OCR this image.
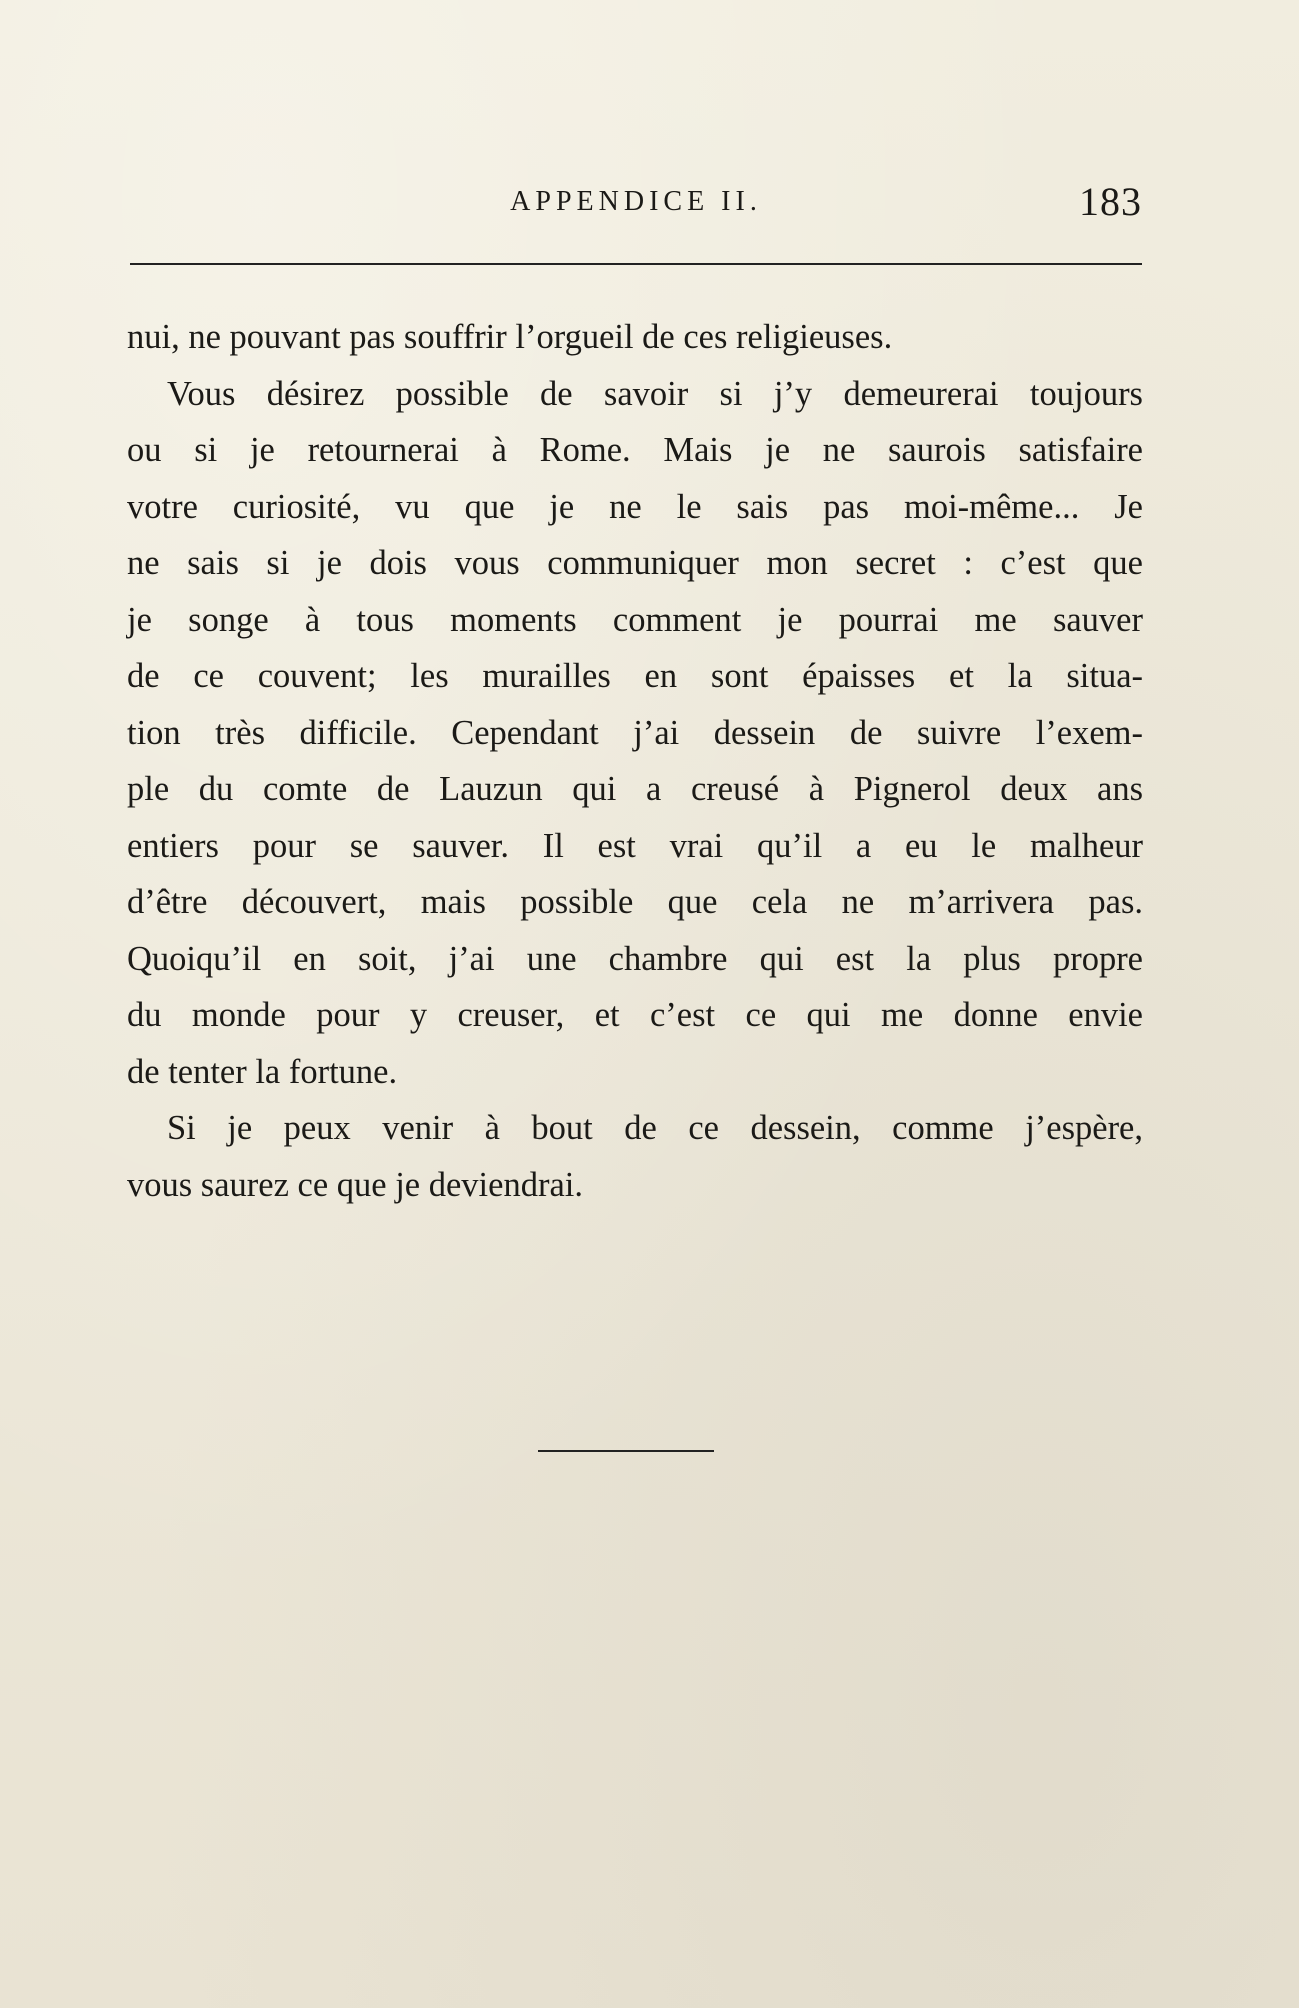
APPENDICE II.	183

nui, ne pouvant pas souffrir l’orgueil de ces religieuses.

Vous désirez possible de savoir si j’y demeurerai toujours

ou si je retournerai à Rome. Mais je ne saurois satisfaire

votre curiosité, vu que je ne le sais pas moi-même... Je

ne sais si je dois vous communiquer mon secret : c’est que

je songe à tous moments comment je pourrai me sauver

de ce couvent; les murailles en sont épaisses et la situa-

tion très difficile. Cependant j’ai dessein de suivre l’exem-

ple du comte de Lauzun qui a creusé à Pignerol deux ans

entiers pour se sauver. Il est vrai qu’il a eu le malheur

d’être découvert, mais possible que cela ne m’arrivera pas.

Quoiqu’il en soit, j’ai une chambre qui est la plus propre

du monde pour y creuser, et c’est ce qui me donne envie

de tenter la fortune.

Si je peux venir à bout de ce dessein, comme j’espère,

vous saurez ce que je deviendrai.
